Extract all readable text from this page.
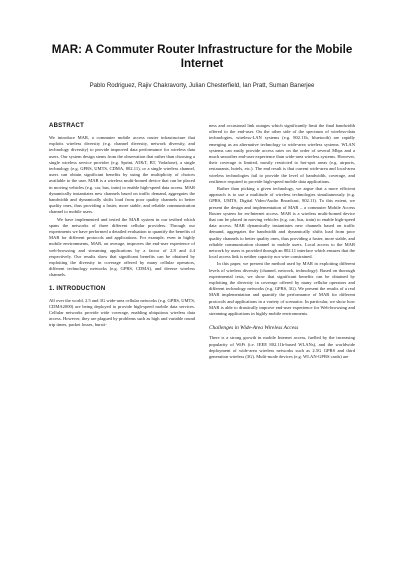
MAR: A Commuter Router Infrastructure for the Mobile Internet
Pablo Rodriguez, Rajiv Chakravorty, Julian Chesterfield, Ian Pratt, Suman Banerjee
ABSTRACT

We introduce MAR, a commuter mobile access router infrastructure that exploits wireless diversity (e.g. channel diversity, network diversity, and technology diversity) to provide improved data performance for wireless data users. Our system design stems from the observation that rather than choosing a single wireless service provider (e.g. Sprint, AT&T, BT, Vodafone), a single technology (e.g. GPRS, UMTS, CDMA, 802.11), or a single wireless channel, users can obtain significant benefits by using the multiplicity of choices available to the user. MAR is a wireless multi-homed device that can be placed in moving vehicles (e.g. car, bus, train) to enable high-speed data access. MAR dynamically instantiates new channels based on traffic demand, aggregates the bandwidth and dynamically shifts load from poor quality channels to better quality ones, thus providing a faster, more stable, and reliable communication channel to mobile users.

We have implemented and tested the MAR system in our testbed which spans the networks of three different cellular providers. Through our experiments we have performed a detailed evaluation to quantify the benefits of MAR for different protocols and applications. For example, even in highly mobile environments, MAR, on average, improves the end-user experience of web-browsing and streaming applications by a factor of 2.8 and 4.4 respectively. Our results show that significant benefits can be obtained by exploiting the diversity in coverage offered by many cellular operators, different technology networks (e.g. GPRS, CDMA), and diverse wireless channels.

1. INTRODUCTION

All over the world, 2.5 and 3G wide-area cellular networks (e.g. GPRS, UMTS, CDMA2000) are being deployed to provide high-speed mobile data services. Cellular networks provide wide coverage, enabling ubiquitous wireless data access. However, they are plagued by problems such as high and variable round trip times, packet losses, bursti-

ness and occasional link outages which significantly limit the final bandwidth offered to the end-user. On the other side of the spectrum of wireless-data technologies, wireless-LAN systems (e.g. 802.11b, bluetooth) are rapidly emerging as an alternative technology to wide-area wireless systems. WLAN systems can easily provide access rates on the order of several Mbps and a much smoother end-user experience than wide-area wireless systems. However, their coverage is limited, mostly restricted to hot-spot areas (e.g. airports, restaurants, hotels, etc.). The end result is that current wide-area and local-area wireless technologies fail to provide the level of bandwidth, coverage, and resilience required to provide high-speed mobile data applications.

Rather than picking a given technology, we argue that a more efficient approach is to use a multitude of wireless technologies simultaneously (e.g. GPRS, UMTS, Digital Video/Audio Broadcast, 802.11). To this extent, we present the design and implementation of MAR – a commuter Mobile Access Router system for en-Internet access. MAR is a wireless multi-homed device that can be placed in moving vehicles (e.g. car, bus, train) to enable high-speed data access. MAR dynamically instantiates new channels based on traffic demand, aggregates the bandwidth and dynamically shifts load from poor quality channels to better quality ones, thus providing a faster, more stable, and reliable communication channel to mobile users. Local access to the MAR network by users is provided through an 802.11 interface which ensures that the local access link is neither capacity nor wire constrained.

In this paper, we present the method used by MAR in exploiting different levels of wireless diversity (channel, network, technology). Based on thorough experimental tests, we show that significant benefits can be obtained by exploiting the diversity in coverage offered by many cellular operators and different technology networks (e.g. GPRS, 3G). We present the results of a real MAR implementation and quantify the performance of MAR for different protocols and applications in a variety of scenarios. In particular, we show how MAR is able to drastically improve end-user experience for Web-browsing and streaming applications in highly mobile environments.

Challenges in Wide-Area Wireless Access

There is a strong growth in mobile Internet access, fuelled by the increasing popularity of WiFi (i.e. IEEE 802.11b-based WLANs), and the worldwide deployment of wide-area wireless networks such as 2.5G GPRS and third generation wireless (3G). Multi-mode devices (e.g. WLAN-GPRS cards) are
